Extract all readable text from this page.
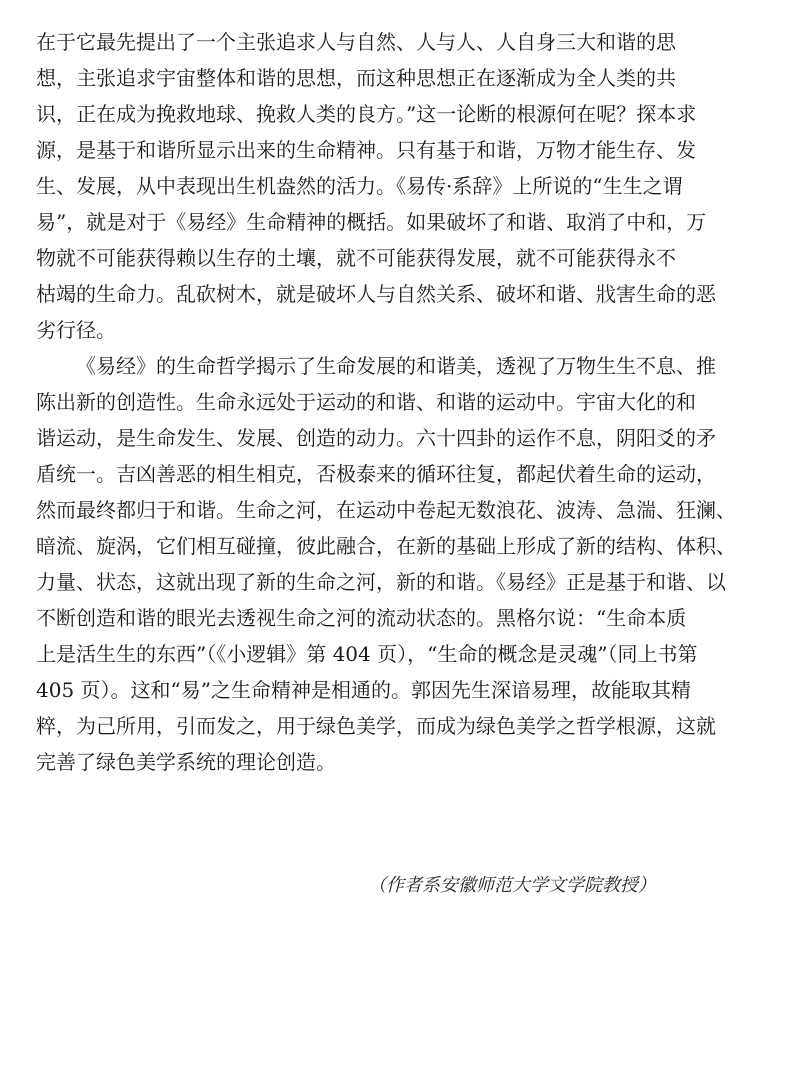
在于它最先提出了一个主张追求人与自然、人与人、人自身三大和谐的思
想，主张追求宇宙整体和谐的思想，而这种思想正在逐渐成为全人类的共
识，正在成为挽救地球、挽救人类的良方。”这一论断的根源何在呢？探本求
源，是基于和谐所显示出来的生命精神。只有基于和谐，万物才能生存、发
生、发展，从中表现出生机盎然的活力。《易传·系辞》上所说的“生生之谓
易”，就是对于《易经》生命精神的概括。如果破坏了和谐、取消了中和，万
物就不可能获得赖以生存的土壤，就不可能获得发展，就不可能获得永不
枯竭的生命力。乱砍树木，就是破坏人与自然关系、破坏和谐、戕害生命的恶
劣行径。
《易经》的生命哲学揭示了生命发展的和谐美，透视了万物生生不息、推
陈出新的创造性。生命永远处于运动的和谐、和谐的运动中。宇宙大化的和
谐运动，是生命发生、发展、创造的动力。六十四卦的运作不息，阴阳爻的矛
盾统一。吉凶善恶的相生相克，否极泰来的循环往复，都起伏着生命的运动，
然而最终都归于和谐。生命之河，在运动中卷起无数浪花、波涛、急湍、狂澜、
暗流、旋涡，它们相互碰撞，彼此融合，在新的基础上形成了新的结构、体积、
力量、状态，这就出现了新的生命之河，新的和谐。《易经》正是基于和谐、以
不断创造和谐的眼光去透视生命之河的流动状态的。黑格尔说：“生命本质
上是活生生的东西”（《小逻辑》第 404 页），“生命的概念是灵魂”（同上书第
405 页）。这和“易”之生命精神是相通的。郭因先生深谙易理，故能取其精
粹，为己所用，引而发之，用于绿色美学，而成为绿色美学之哲学根源，这就
完善了绿色美学系统的理论创造。
（作者系安徽师范大学文学院教授）
